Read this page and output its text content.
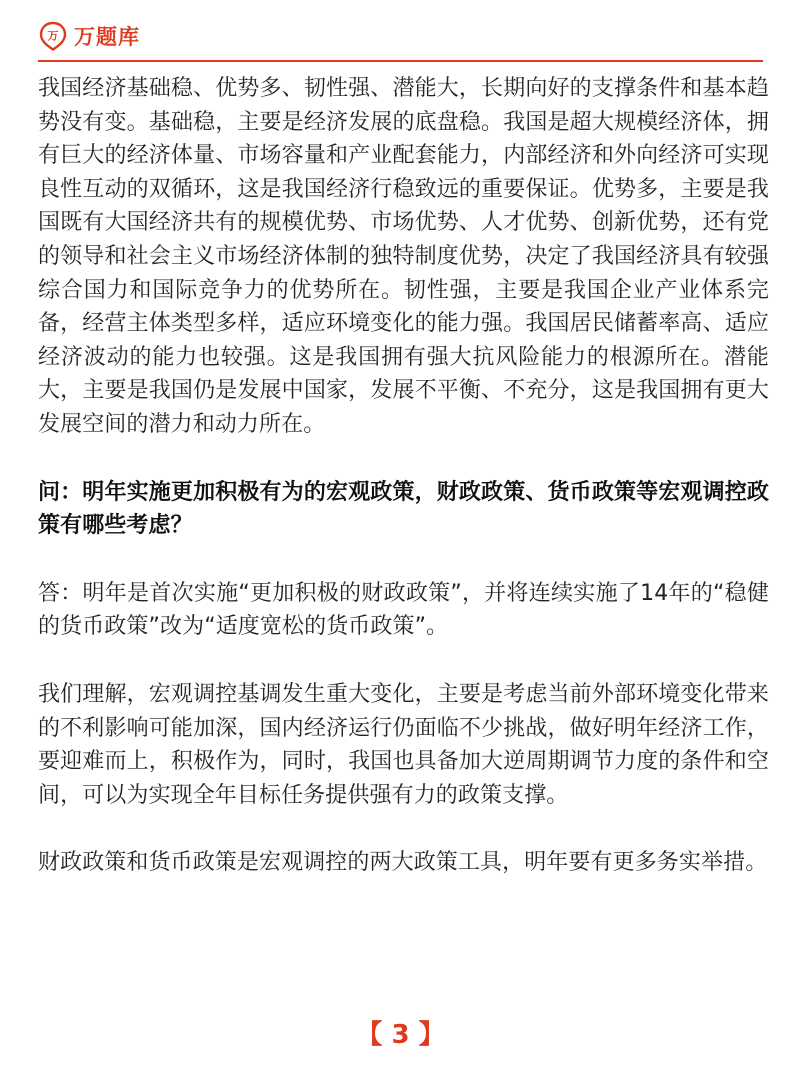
万 万题库

我国经济基础稳、优势多、韧性强、潜能大，长期向好的支撑条件和基本趋势没有变。基础稳，主要是经济发展的底盘稳。我国是超大规模经济体，拥有巨大的经济体量、市场容量和产业配套能力，内部经济和外向经济可实现良性互动的双循环，这是我国经济行稳致远的重要保证。优势多，主要是我国既有大国经济共有的规模优势、市场优势、人才优势、创新优势，还有党的领导和社会主义市场经济体制的独特制度优势，决定了我国经济具有较强综合国力和国际竞争力的优势所在。韧性强，主要是我国企业产业体系完备，经营主体类型多样，适应环境变化的能力强。我国居民储蓄率高、适应经济波动的能力也较强。这是我国拥有强大抗风险能力的根源所在。潜能大，主要是我国仍是发展中国家，发展不平衡、不充分，这是我国拥有更大发展空间的潜力和动力所在。

问：明年实施更加积极有为的宏观政策，财政政策、货币政策等宏观调控政策有哪些考虑？

答：明年是首次实施“更加积极的财政政策”，并将连续实施了14年的“稳健的货币政策”改为“适度宽松的货币政策”。

我们理解，宏观调控基调发生重大变化，主要是考虑当前外部环境变化带来的不利影响可能加深，国内经济运行仍面临不少挑战，做好明年经济工作，要迎难而上，积极作为，同时，我国也具备加大逆周期调节力度的条件和空间，可以为实现全年目标任务提供强有力的政策支撑。

财政政策和货币政策是宏观调控的两大政策工具，明年要有更多务实举措。

【 3 】
